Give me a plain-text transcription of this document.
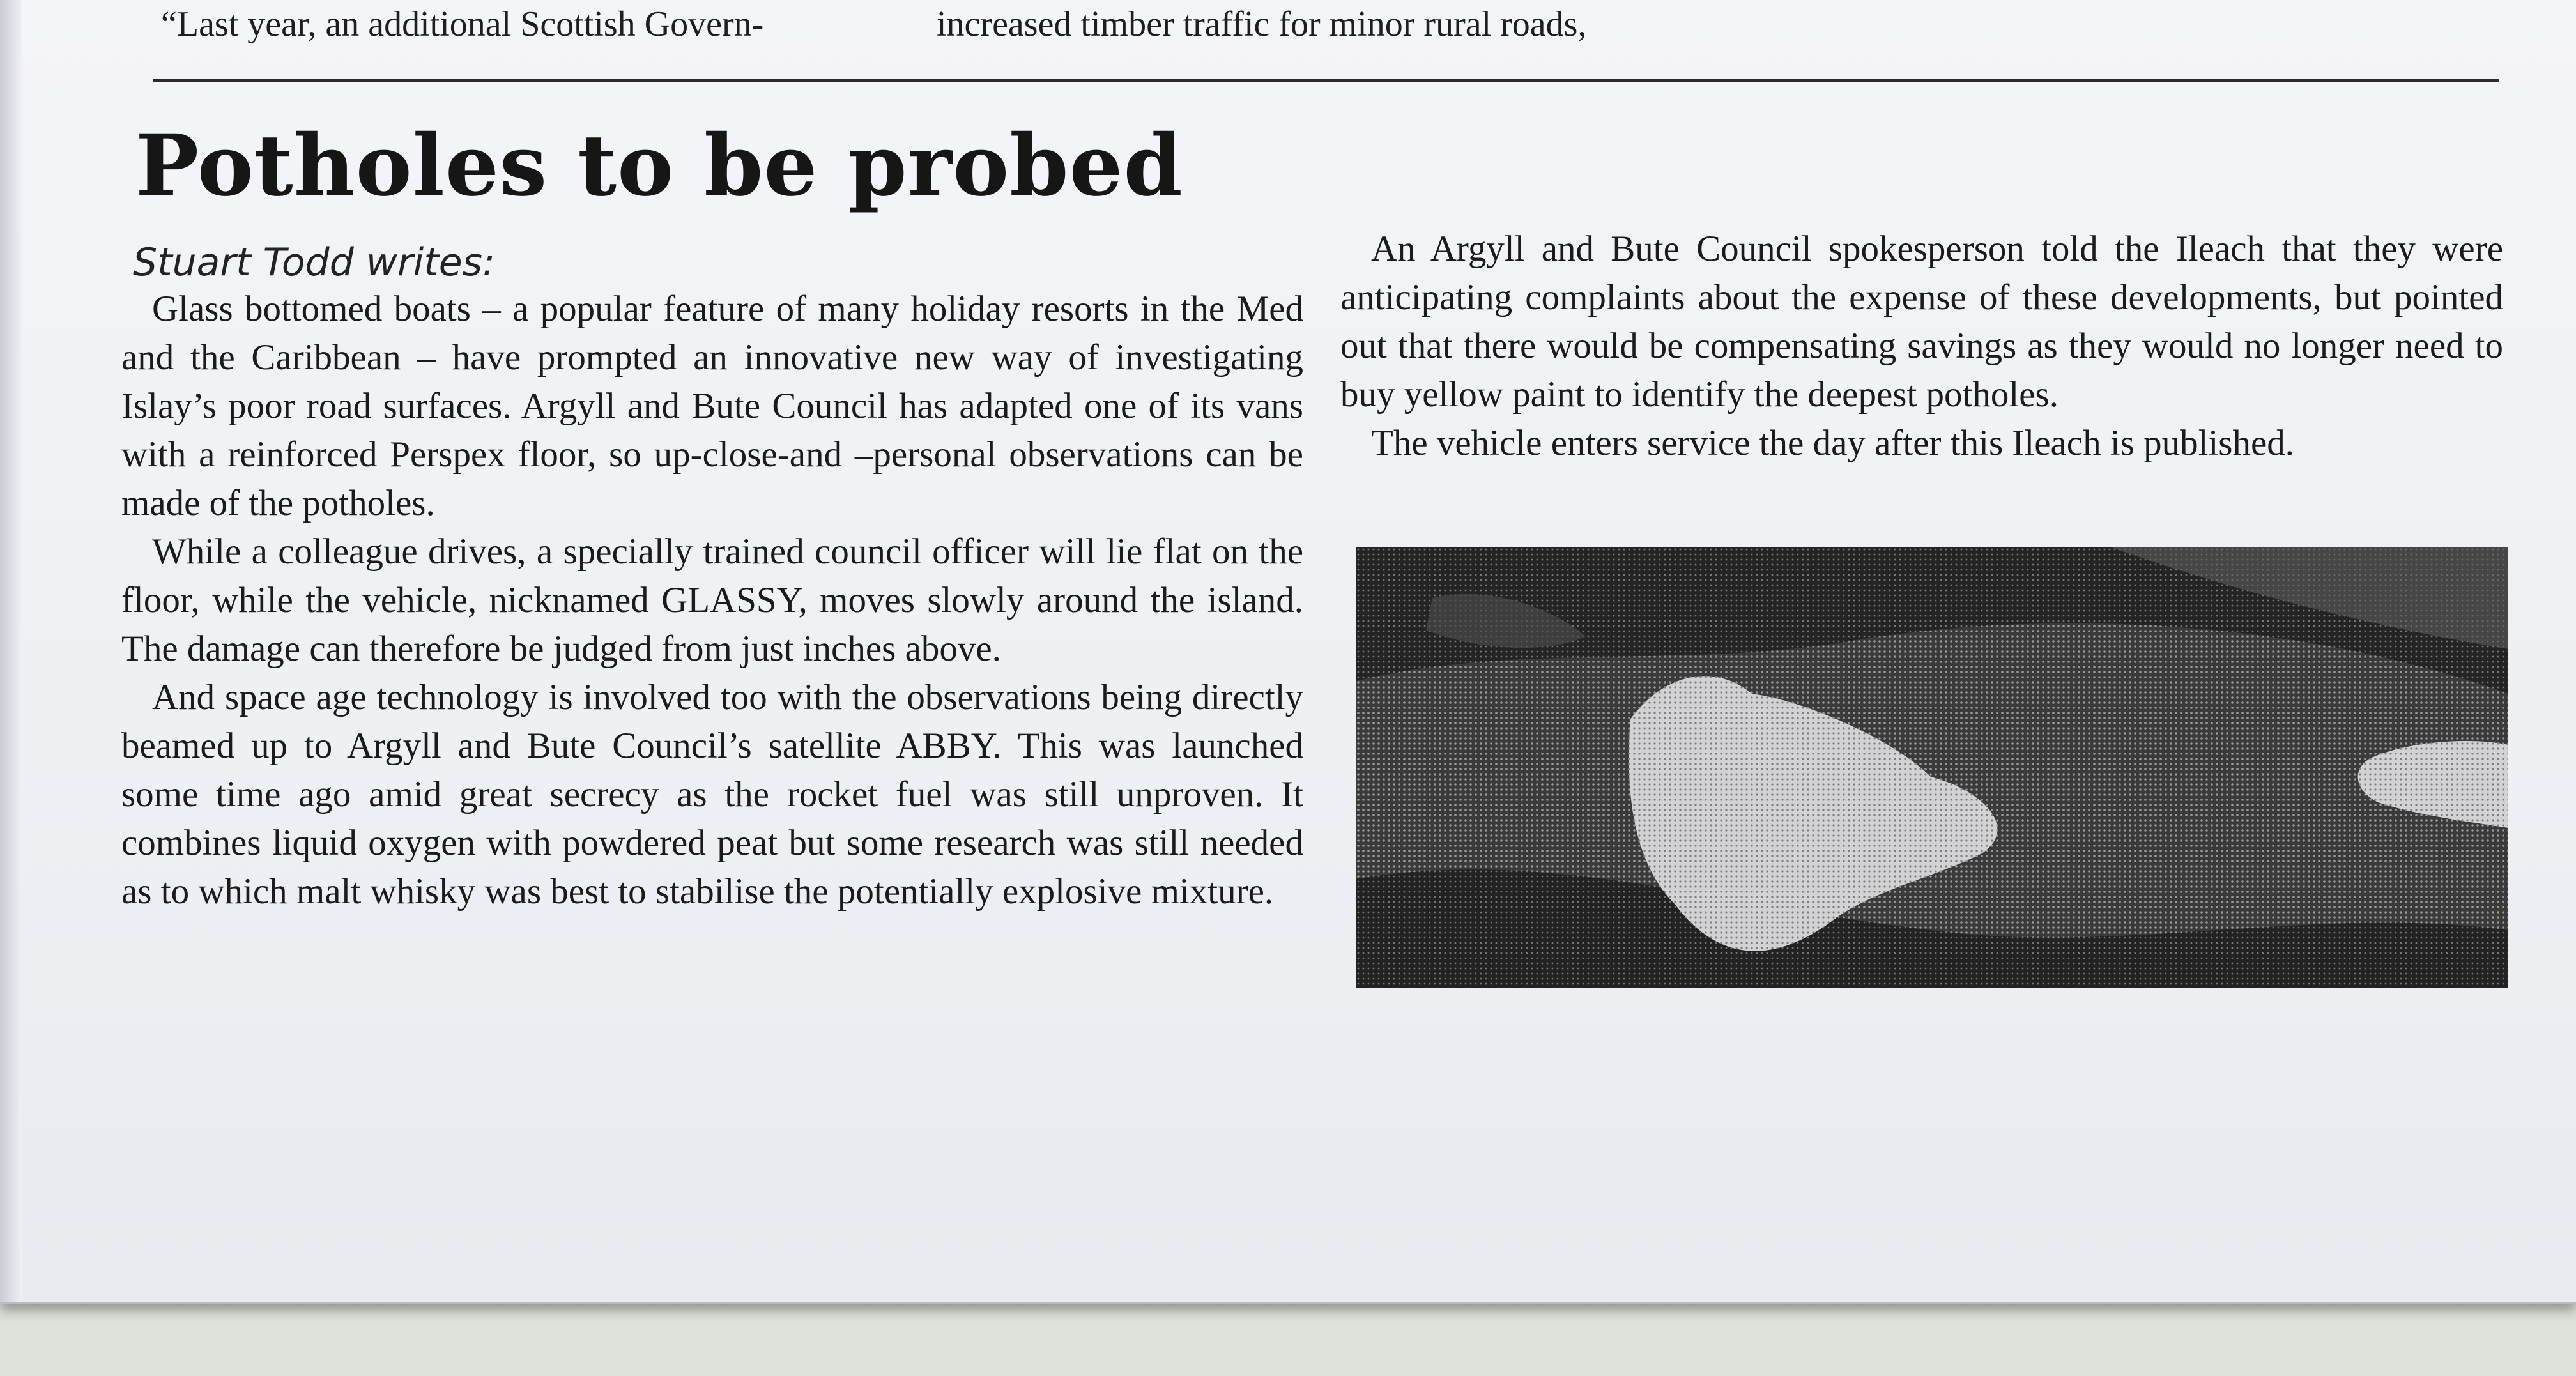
“Last year, an additional Scottish Govern-	increased timber traffic for minor rural roads,
Potholes to be probed
Stuart Todd writes:

Glass bottomed boats – a popular feature of many holiday resorts in the Med and the Caribbean – have prompted an innovative new way of investigating Islay’s poor road surfaces. Argyll and Bute Council has adapted one of its vans with a reinforced Perspex floor, so up-close-and –personal observations can be made of the potholes.

While a colleague drives, a specially trained council officer will lie flat on the floor, while the vehicle, nicknamed GLASSY, moves slowly around the island. The damage can therefore be judged from just inches above.

And space age technology is involved too with the observations being directly beamed up to Argyll and Bute Council’s satellite ABBY. This was launched some time ago amid great secrecy as the rocket fuel was still unproven. It combines liquid oxygen with powdered peat but some research was still needed as to which malt whisky was best to stabilise the potentially explosive mixture.

An Argyll and Bute Council spokesperson told the Ileach that they were anticipating complaints about the expense of these developments, but pointed out that there would be compensating savings as they would no longer need to buy yellow paint to identify the deepest potholes.

The vehicle enters service the day after this Ileach is published.
